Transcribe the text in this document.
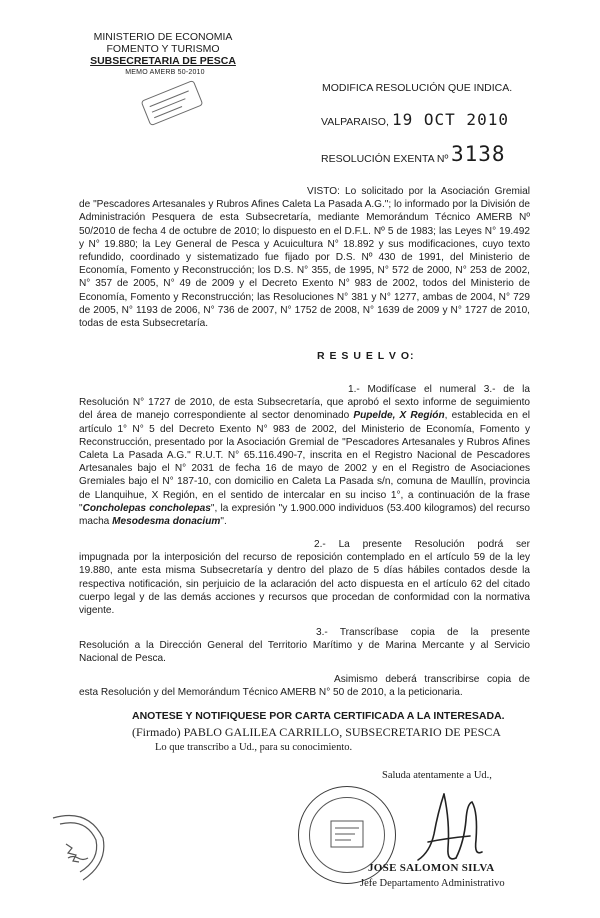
MINISTERIO DE ECONOMIA
FOMENTO Y TURISMO
SUBSECRETARIA DE PESCA
MEMO AMERB 50-2010
MODIFICA RESOLUCIÓN QUE INDICA.
VALPARAISO, 19 OCT 2010
RESOLUCIÓN EXENTA Nº 3138

VISTO: Lo solicitado por la Asociación Gremial de "Pescadores Artesanales y Rubros Afines Caleta La Pasada A.G."; lo informado por la División de Administración Pesquera de esta Subsecretaría, mediante Memorándum Técnico AMERB Nº 50/2010 de fecha 4 de octubre de 2010; lo dispuesto en el D.F.L. Nº 5 de 1983; las Leyes N° 19.492 y N° 19.880; la Ley General de Pesca y Acuicultura N° 18.892 y sus modificaciones, cuyo texto refundido, coordinado y sistematizado fue fijado por D.S. Nº 430 de 1991, del Ministerio de Economía, Fomento y Reconstrucción; los D.S. N° 355, de 1995, N° 572 de 2000, N° 253 de 2002, N° 357 de 2005, N° 49 de 2009 y el Decreto Exento N° 983 de 2002, todos del Ministerio de Economía, Fomento y Reconstrucción; las Resoluciones N° 381 y N° 1277, ambas de 2004, N° 729 de 2005, N° 1193 de 2006, N° 736 de 2007, N° 1752 de 2008, N° 1639 de 2009 y N° 1727 de 2010, todas de esta Subsecretaría.

R E S U E L V O:

1.- Modifícase el numeral 3.- de la Resolución N° 1727 de 2010, de esta Subsecretaría, que aprobó el sexto informe de seguimiento del área de manejo correspondiente al sector denominado Pupelde, X Región, establecida en el artículo 1° N° 5 del Decreto Exento N° 983 de 2002, del Ministerio de Economía, Fomento y Reconstrucción, presentado por la Asociación Gremial de "Pescadores Artesanales y Rubros Afines Caleta La Pasada A.G." R.U.T. N° 65.116.490-7, inscrita en el Registro Nacional de Pescadores Artesanales bajo el N° 2031 de fecha 16 de mayo de 2002 y en el Registro de Asociaciones Gremiales bajo el N° 187-10, con domicilio en Caleta La Pasada s/n, comuna de Maullín, provincia de Llanquihue, X Región, en el sentido de intercalar en su inciso 1°, a continuación de la frase "Concholepas concholepas", la expresión "y 1.900.000 individuos (53.400 kilogramos) del recurso macha Mesodesma donacium".

2.- La presente Resolución podrá ser impugnada por la interposición del recurso de reposición contemplado en el artículo 59 de la ley 19.880, ante esta misma Subsecretaría y dentro del plazo de 5 días hábiles contados desde la respectiva notificación, sin perjuicio de la aclaración del acto dispuesta en el artículo 62 del citado cuerpo legal y de las demás acciones y recursos que procedan de conformidad con la normativa vigente.

3.- Transcríbase copia de la presente Resolución a la Dirección General del Territorio Marítimo y de Marina Mercante y al Servicio Nacional de Pesca.

Asimismo deberá transcribirse copia de esta Resolución y del Memorándum Técnico AMERB N° 50 de 2010, a la peticionaria.

ANOTESE Y NOTIFIQUESE POR CARTA CERTIFICADA A LA INTERESADA.
(Firmado) PABLO GALILEA CARRILLO, SUBSECRETARIO DE PESCA
Lo que transcribo a Ud., para su conocimiento.
Saluda atentamente a Ud.,
JOSE SALOMON SILVA
Jefe Departamento Administrativo
